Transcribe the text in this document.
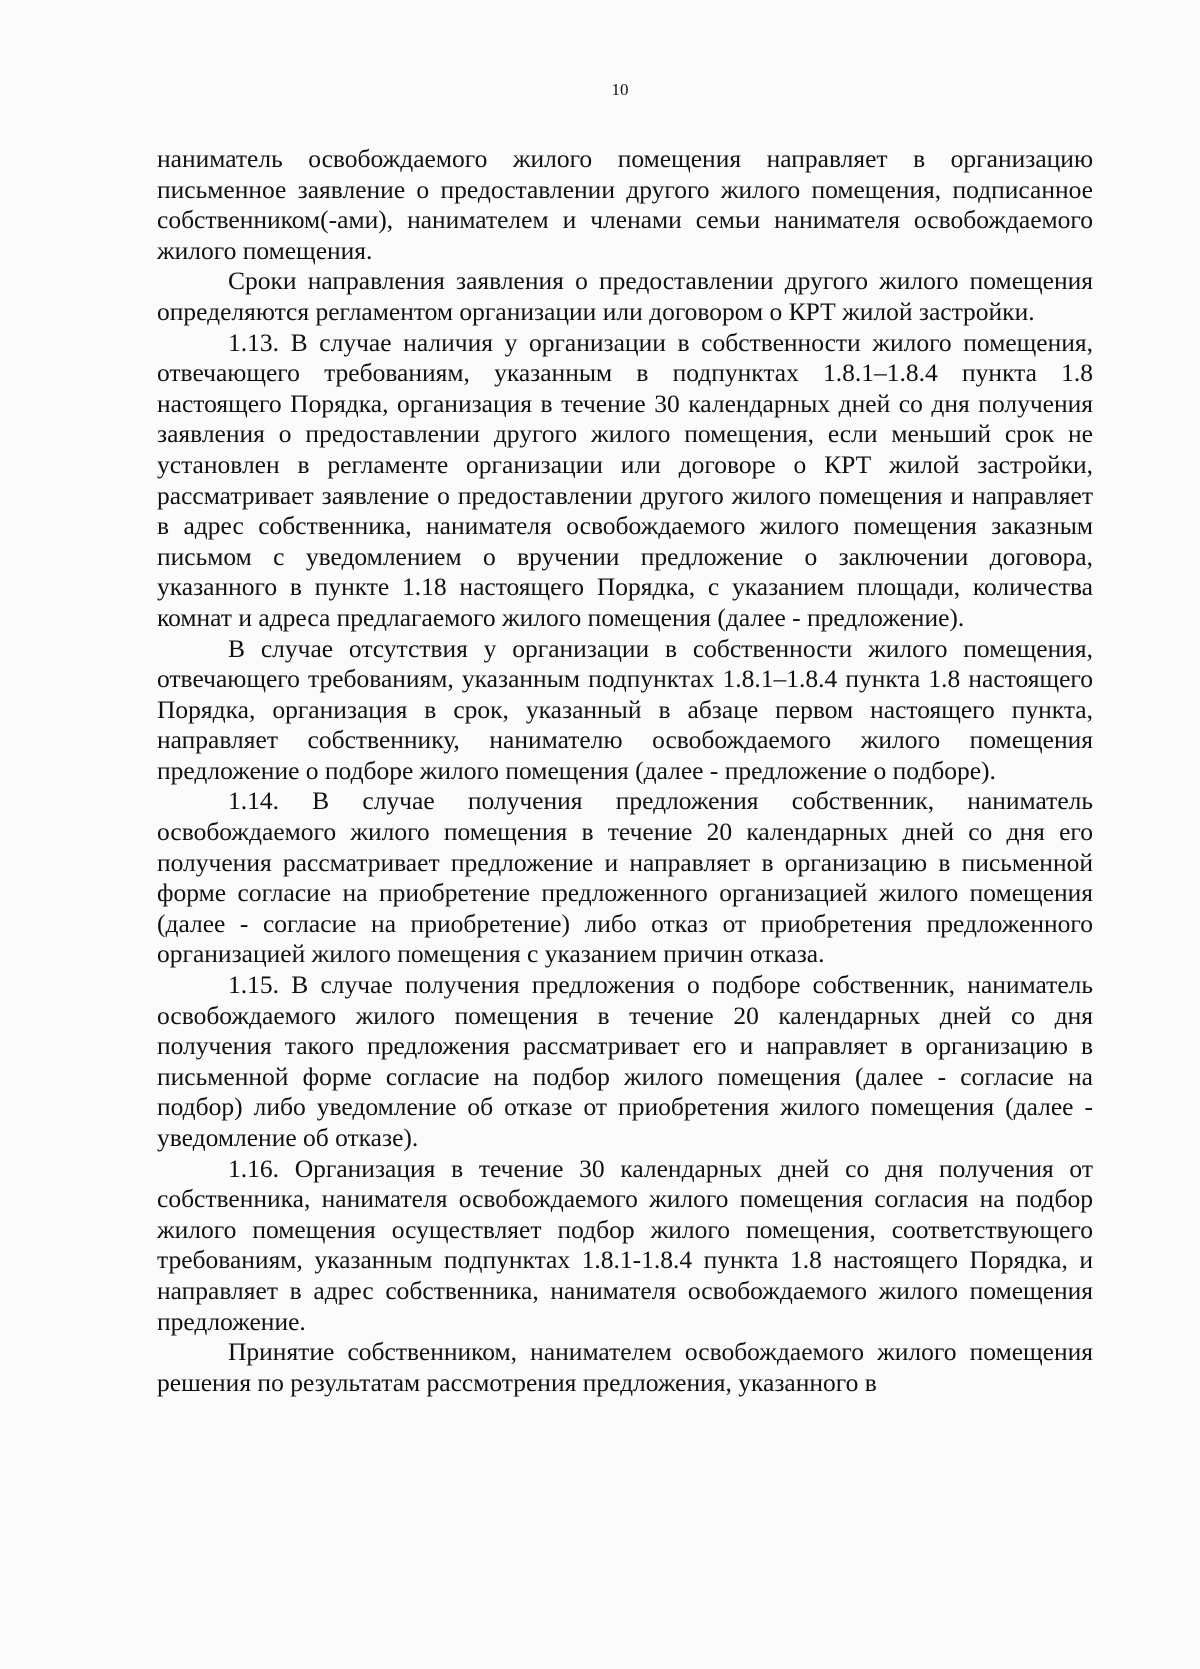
10

наниматель освобождаемого жилого помещения направляет в организацию письменное заявление о предоставлении другого жилого помещения, подписанное собственником(-ами), нанимателем и членами семьи нанимателя освобождаемого жилого помещения.

Сроки направления заявления о предоставлении другого жилого помещения определяются регламентом организации или договором о КРТ жилой застройки.

1.13. В случае наличия у организации в собственности жилого помещения, отвечающего требованиям, указанным в подпунктах 1.8.1–1.8.4 пункта 1.8 настоящего Порядка, организация в течение 30 календарных дней со дня получения заявления о предоставлении другого жилого помещения, если меньший срок не установлен в регламенте организации или договоре о КРТ жилой застройки, рассматривает заявление о предоставлении другого жилого помещения и направляет в адрес собственника, нанимателя освобождаемого жилого помещения заказным письмом с уведомлением о вручении предложение о заключении договора, указанного в пункте 1.18 настоящего Порядка, с указанием площади, количества комнат и адреса предлагаемого жилого помещения (далее - предложение).

В случае отсутствия у организации в собственности жилого помещения, отвечающего требованиям, указанным подпунктах 1.8.1–1.8.4 пункта 1.8 настоящего Порядка, организация в срок, указанный в абзаце первом настоящего пункта, направляет собственнику, нанимателю освобождаемого жилого помещения предложение о подборе жилого помещения (далее - предложение о подборе).

1.14. В случае получения предложения собственник, наниматель освобождаемого жилого помещения в течение 20 календарных дней со дня его получения рассматривает предложение и направляет в организацию в письменной форме согласие на приобретение предложенного организацией жилого помещения (далее - согласие на приобретение) либо отказ от приобретения предложенного организацией жилого помещения с указанием причин отказа.

1.15. В случае получения предложения о подборе собственник, наниматель освобождаемого жилого помещения в течение 20 календарных дней со дня получения такого предложения рассматривает его и направляет в организацию в письменной форме согласие на подбор жилого помещения (далее - согласие на подбор) либо уведомление об отказе от приобретения жилого помещения (далее - уведомление об отказе).

1.16. Организация в течение 30 календарных дней со дня получения от собственника, нанимателя освобождаемого жилого помещения согласия на подбор жилого помещения осуществляет подбор жилого помещения, соответствующего требованиям, указанным подпунктах 1.8.1-1.8.4 пункта 1.8 настоящего Порядка, и направляет в адрес собственника, нанимателя освобождаемого жилого помещения предложение.

Принятие собственником, нанимателем освобождаемого жилого помещения решения по результатам рассмотрения предложения, указанного в
